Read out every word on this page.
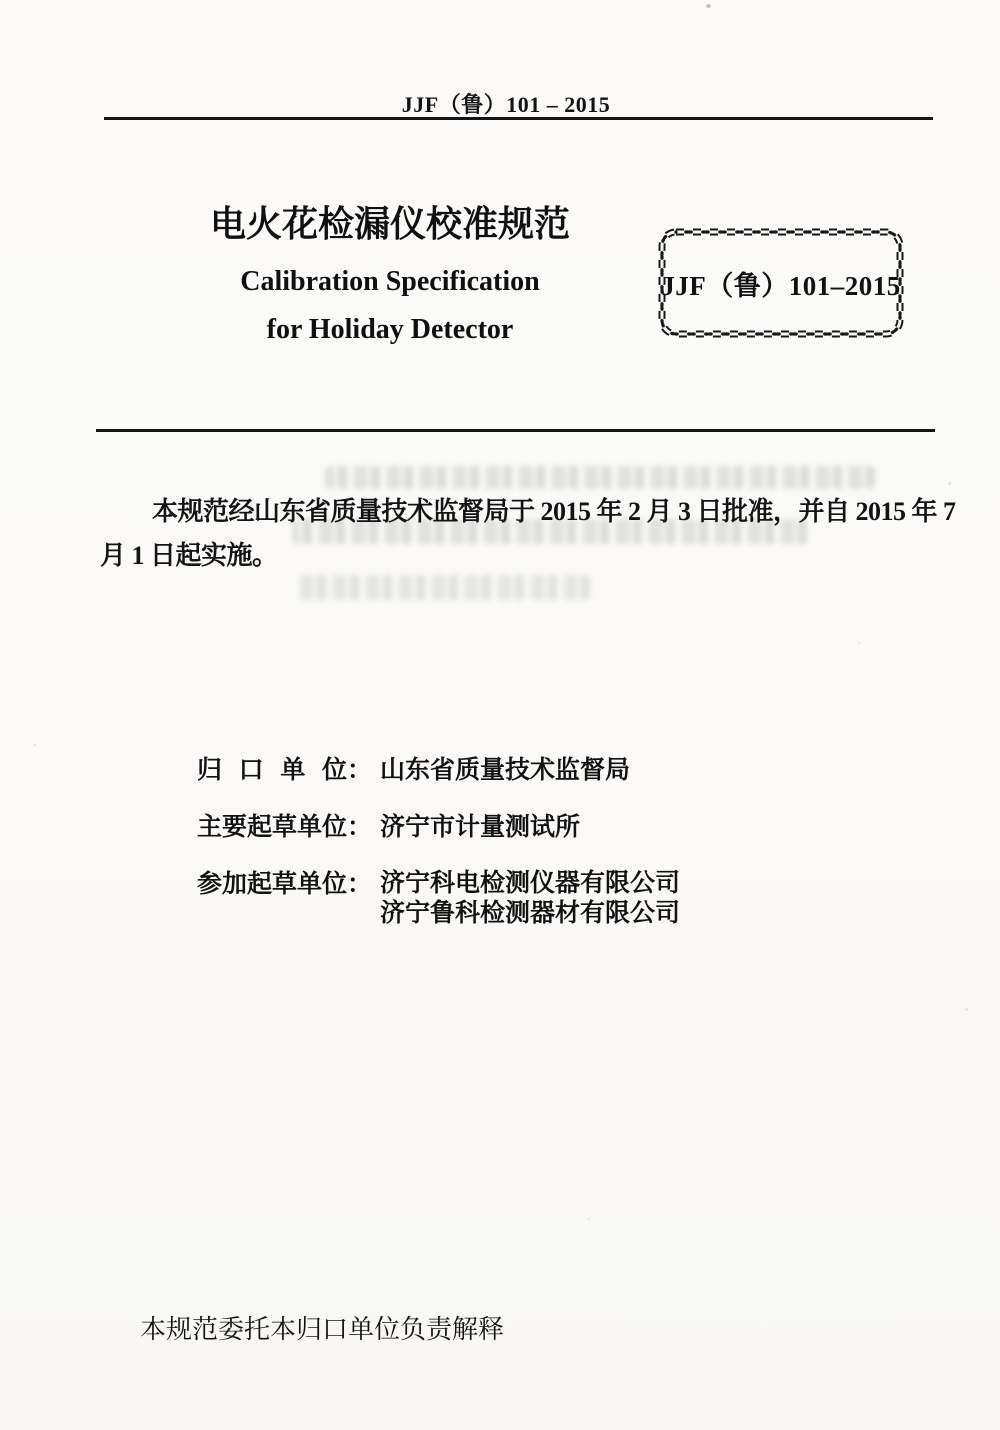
JJF（鲁）101 – 2015
电火花检漏仪校准规范
Calibration Specification
for Holiday Detector
JJF（鲁）101–2015
本规范经山东省质量技术监督局于 2015 年 2 月 3 日批准，并自 2015 年 7
月 1 日起实施。
归口单位 ： 山东省质量技术监督局
主要起草单位 ： 济宁市计量测试所
参加起草单位 ： 济宁科电检测仪器有限公司
济宁鲁科检测器材有限公司
本规范委托本归口单位负责解释
